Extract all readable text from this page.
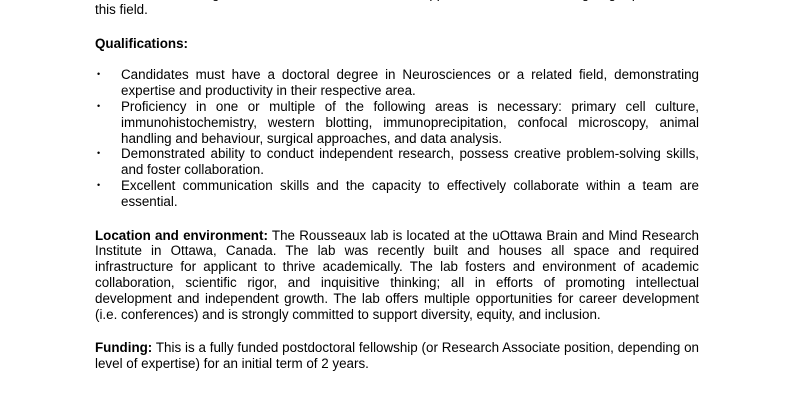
this field.

Qualifications:

• Candidates must have a doctoral degree in Neurosciences or a related field, demonstrating expertise and productivity in their respective area.
• Proficiency in one or multiple of the following areas is necessary: primary cell culture, immunohistochemistry, western blotting, immunoprecipitation, confocal microscopy, animal handling and behaviour, surgical approaches, and data analysis.
• Demonstrated ability to conduct independent research, possess creative problem-solving skills, and foster collaboration.
• Excellent communication skills and the capacity to effectively collaborate within a team are essential.

Location and environment: The Rousseaux lab is located at the uOttawa Brain and Mind Research Institute in Ottawa, Canada. The lab was recently built and houses all space and required infrastructure for applicant to thrive academically. The lab fosters and environment of academic collaboration, scientific rigor, and inquisitive thinking; all in efforts of promoting intellectual development and independent growth. The lab offers multiple opportunities for career development (i.e. conferences) and is strongly committed to support diversity, equity, and inclusion.

Funding: This is a fully funded postdoctoral fellowship (or Research Associate position, depending on level of expertise) for an initial term of 2 years.
